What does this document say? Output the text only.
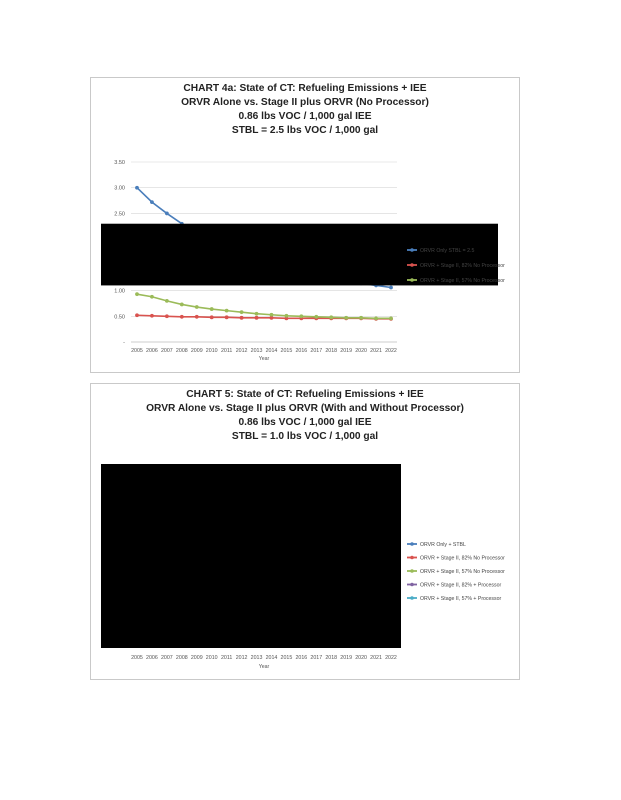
CHART 4a: State of CT: Refueling Emissions + IEE
ORVR Alone vs. Stage II plus ORVR (No Processor)
0.86 lbs VOC / 1,000 gal IEE
STBL = 2.5 lbs VOC / 1,000 gal
-
0.50
1.00
2.50
3.00
3.50
2005 2006 2007 2008 2009 2010 2011 2012 2013 2014 2015 2016 2017 2018 2019 2020 2021 2022
Year
ORVR Only STBL = 2.5
ORVR + Stage II, 82% No Processor
ORVR + Stage II, 57% No Processor
CHART 5: State of CT: Refueling Emissions + IEE
ORVR Alone vs. Stage II plus ORVR (With and Without Processor)
0.86 lbs VOC / 1,000 gal IEE
STBL = 1.0 lbs VOC / 1,000 gal
2005 2006 2007 2008 2009 2010 2011 2012 2013 2014 2015 2016 2017 2018 2019 2020 2021 2022
Year
ORVR Only + STBL
ORVR + Stage II, 82% No Processor
ORVR + Stage II, 57% No Processor
ORVR + Stage II, 82% + Processor
ORVR + Stage II, 57% + Processor
